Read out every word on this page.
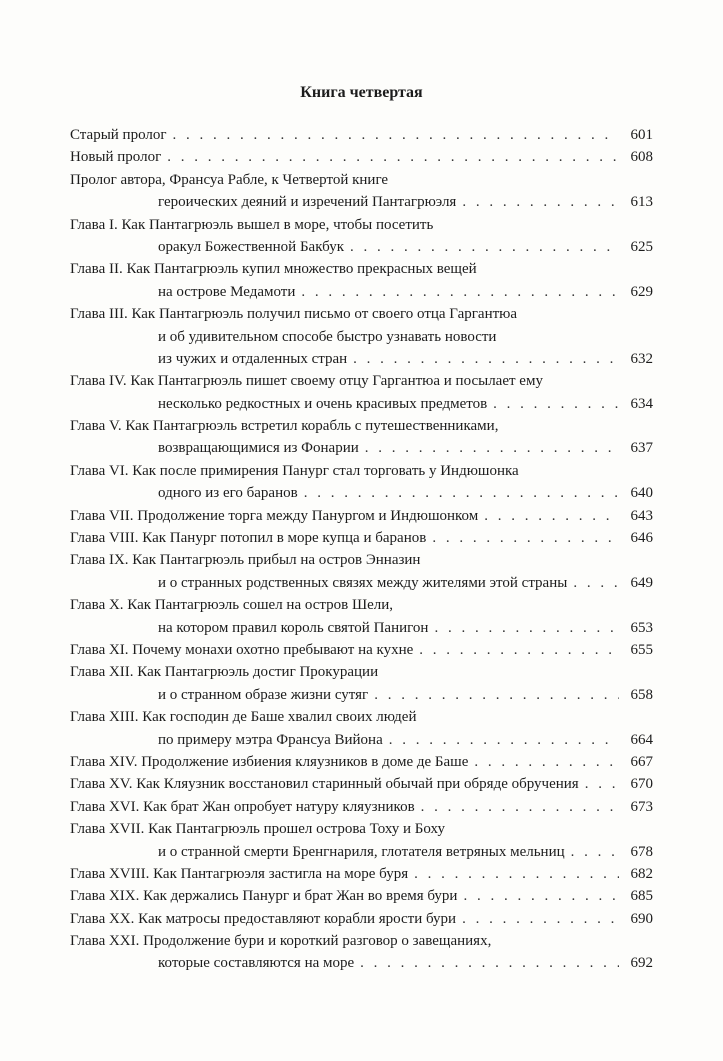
Книга четвертая
Старый пролог . . .	601
Новый пролог . . .	608
Пролог автора, Франсуа Рабле, к Четвертой книге
героических деяний и изречений Пантагрюэля . . .	613
Глава I. Как Пантагрюэль вышел в море, чтобы посетить
оракул Божественной Бакбук . . .	625
Глава II. Как Пантагрюэль купил множество прекрасных вещей
на острове Медамоти . . .	629
Глава III. Как Пантагрюэль получил письмо от своего отца Гаргантюа
и об удивительном способе быстро узнавать новости
из чужих и отдаленных стран . . .	632
Глава IV. Как Пантагрюэль пишет своему отцу Гаргантюа и посылает ему
несколько редкостных и очень красивых предметов . . .	634
Глава V. Как Пантагрюэль встретил корабль с путешественниками,
возвращающимися из Фонарии . . .	637
Глава VI. Как после примирения Панург стал торговать у Индюшонка
одного из его баранов . . .	640
Глава VII. Продолжение торга между Панургом и Индюшонком . . .	643
Глава VIII. Как Панург потопил в море купца и баранов . . .	646
Глава IX. Как Пантагрюэль прибыл на остров Энназин
и о странных родственных связях между жителями этой страны . . .	649
Глава X. Как Пантагрюэль сошел на остров Шели,
на котором правил король святой Панигон . . .	653
Глава XI. Почему монахи охотно пребывают на кухне . . .	655
Глава XII. Как Пантагрюэль достиг Прокурации
и о странном образе жизни сутяг . . .	658
Глава XIII. Как господин де Баше хвалил своих людей
по примеру мэтра Франсуа Вийона . . .	664
Глава XIV. Продолжение избиения кляузников в доме де Баше . . .	667
Глава XV. Как Кляузник восстановил старинный обычай при обряде обручения . . .	670
Глава XVI. Как брат Жан опробует натуру кляузников . . .	673
Глава XVII. Как Пантагрюэль прошел острова Тоху и Боху
и о странной смерти Бренгнариля, глотателя ветряных мельниц . . .	678
Глава XVIII. Как Пантагрюэля застигла на море буря . . .	682
Глава XIX. Как держались Панург и брат Жан во время бури . . .	685
Глава XX. Как матросы предоставляют корабли ярости бури . . .	690
Глава XXI. Продолжение бури и короткий разговор о завещаниях,
которые составляются на море . . .	692
